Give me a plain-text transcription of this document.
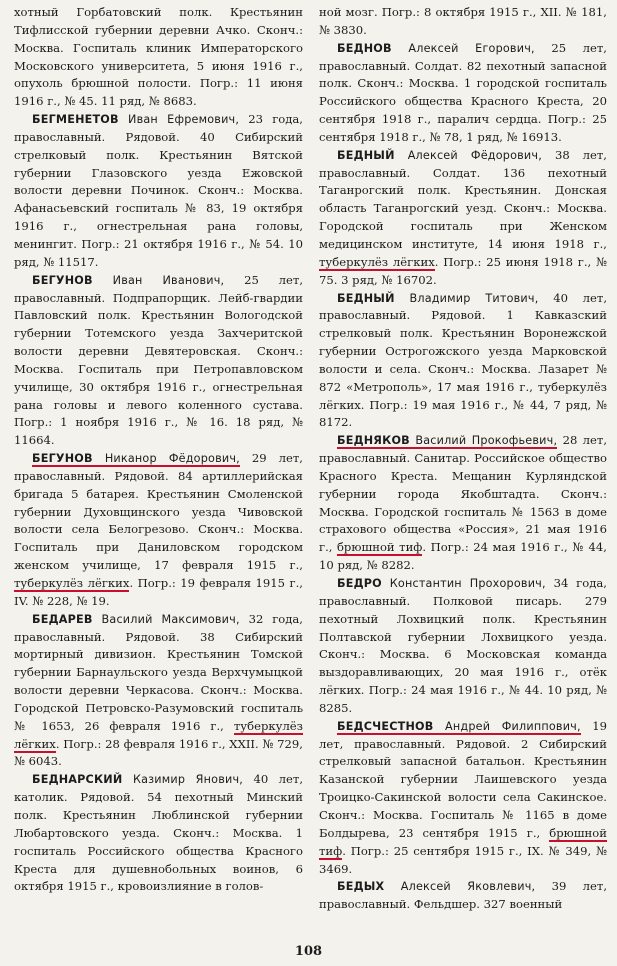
хотный Горбатовский полк. Крестьянин Тифлисской губернии деревни Ачко. Сконч.: Москва. Госпиталь клиник Императорского Московского университета, 5 июня 1916 г., опухоль брюшной полости. Погр.: 11 июня 1916 г., № 45. 11 ряд, № 8683.

БЕГМЕНЕТОВ Иван Ефремович, 23 года, православный. Рядовой. 40 Сибирский стрелковый полк. Крестьянин Вятской губернии Глазовского уезда Ежовской волости деревни Починок. Сконч.: Москва. Афанасьевский госпиталь № 83, 19 октября 1916 г., огнестрельная рана головы, менингит. Погр.: 21 октября 1916 г., № 54. 10 ряд, № 11517.

БЕГУНОВ Иван Иванович, 25 лет, православный. Подпрапорщик. Лейб-гвардии Павловский полк. Крестьянин Вологодской губернии Тотемского уезда Захчеритской волости деревни Девятеровская. Сконч.: Москва. Госпиталь при Петропавловском училище, 30 октября 1916 г., огнестрельная рана головы и левого коленного сустава. Погр.: 1 ноября 1916 г., № 16. 18 ряд, № 11664.

БЕГУНОВ Никанор Фёдорович, 29 лет, православный. Рядовой. 84 артиллерийская бригада 5 батарея. Крестьянин Смоленской губернии Духовщинского уезда Чивовской волости села Белогрезово. Сконч.: Москва. Госпиталь при Даниловском городском женском училище, 17 февраля 1915 г., туберкулёз лёгких. Погр.: 19 февраля 1915 г., IV. № 228, № 19.

БЕДАРЕВ Василий Максимович, 32 года, православный. Рядовой. 38 Сибирский мортирный дивизион. Крестьянин Томской губернии Барнаульского уезда Верхчумыцкой волости деревни Черкасова. Сконч.: Москва. Городской Петровско-Разумовский госпиталь № 1653, 26 февраля 1916 г., туберкулёз лёгких. Погр.: 28 февраля 1916 г., XXII. № 729, № 6043.

БЕДНАРСКИЙ Казимир Янович, 40 лет, католик. Рядовой. 54 пехотный Минский полк. Крестьянин Люблинской губернии Любартовского уезда. Сконч.: Москва. 1 госпиталь Российского общества Красного Креста для душевнобольных воинов, 6 октября 1915 г., кровоизлияние в голов-

ной мозг. Погр.: 8 октября 1915 г., XII. № 181, № 3830.

БЕДНОВ Алексей Егорович, 25 лет, православный. Солдат. 82 пехотный запасной полк. Сконч.: Москва. 1 городской госпиталь Российского общества Красного Креста, 20 сентября 1918 г., паралич сердца. Погр.: 25 сентября 1918 г., № 78, 1 ряд, № 16913.

БЕДНЫЙ Алексей Фёдорович, 38 лет, православный. Солдат. 136 пехотный Таганрогский полк. Крестьянин. Донская область Таганрогский уезд. Сконч.: Москва. Городской госпиталь при Женском медицинском институте, 14 июня 1918 г., туберкулёз лёгких. Погр.: 25 июня 1918 г., № 75. 3 ряд, № 16702.

БЕДНЫЙ Владимир Титович, 40 лет, православный. Рядовой. 1 Кавказский стрелковый полк. Крестьянин Воронежской губернии Острогожского уезда Марковской волости и села. Сконч.: Москва. Лазарет № 872 «Метрополь», 17 мая 1916 г., туберкулёз лёгких. Погр.: 19 мая 1916 г., № 44, 7 ряд, № 8172.

БЕДНЯКОВ Василий Прокофьевич, 28 лет, православный. Санитар. Российское общество Красного Креста. Мещанин Курляндской губернии города Якобштадта. Сконч.: Москва. Городской госпиталь № 1563 в доме страхового общества «Россия», 21 мая 1916 г., брюшной тиф. Погр.: 24 мая 1916 г., № 44, 10 ряд, № 8282.

БЕДРО Константин Прохорович, 34 года, православный. Полковой писарь. 279 пехотный Лохвицкий полк. Крестьянин Полтавской губернии Лохвицкого уезда. Сконч.: Москва. 6 Московская команда выздоравливающих, 20 мая 1916 г., отёк лёгких. Погр.: 24 мая 1916 г., № 44. 10 ряд, № 8285.

БЕДСЧЕСТНОВ Андрей Филиппович, 19 лет, православный. Рядовой. 2 Сибирский стрелковый запасной батальон. Крестьянин Казанской губернии Лаишевского уезда Троицко-Сакинской волости села Сакинское. Сконч.: Москва. Госпиталь № 1165 в доме Болдырева, 23 сентября 1915 г., брюшной тиф. Погр.: 25 сентября 1915 г., IX. № 349, № 3469.

БЕДЫХ Алексей Яковлевич, 39 лет, православный. Фельдшер. 327 военный

108
